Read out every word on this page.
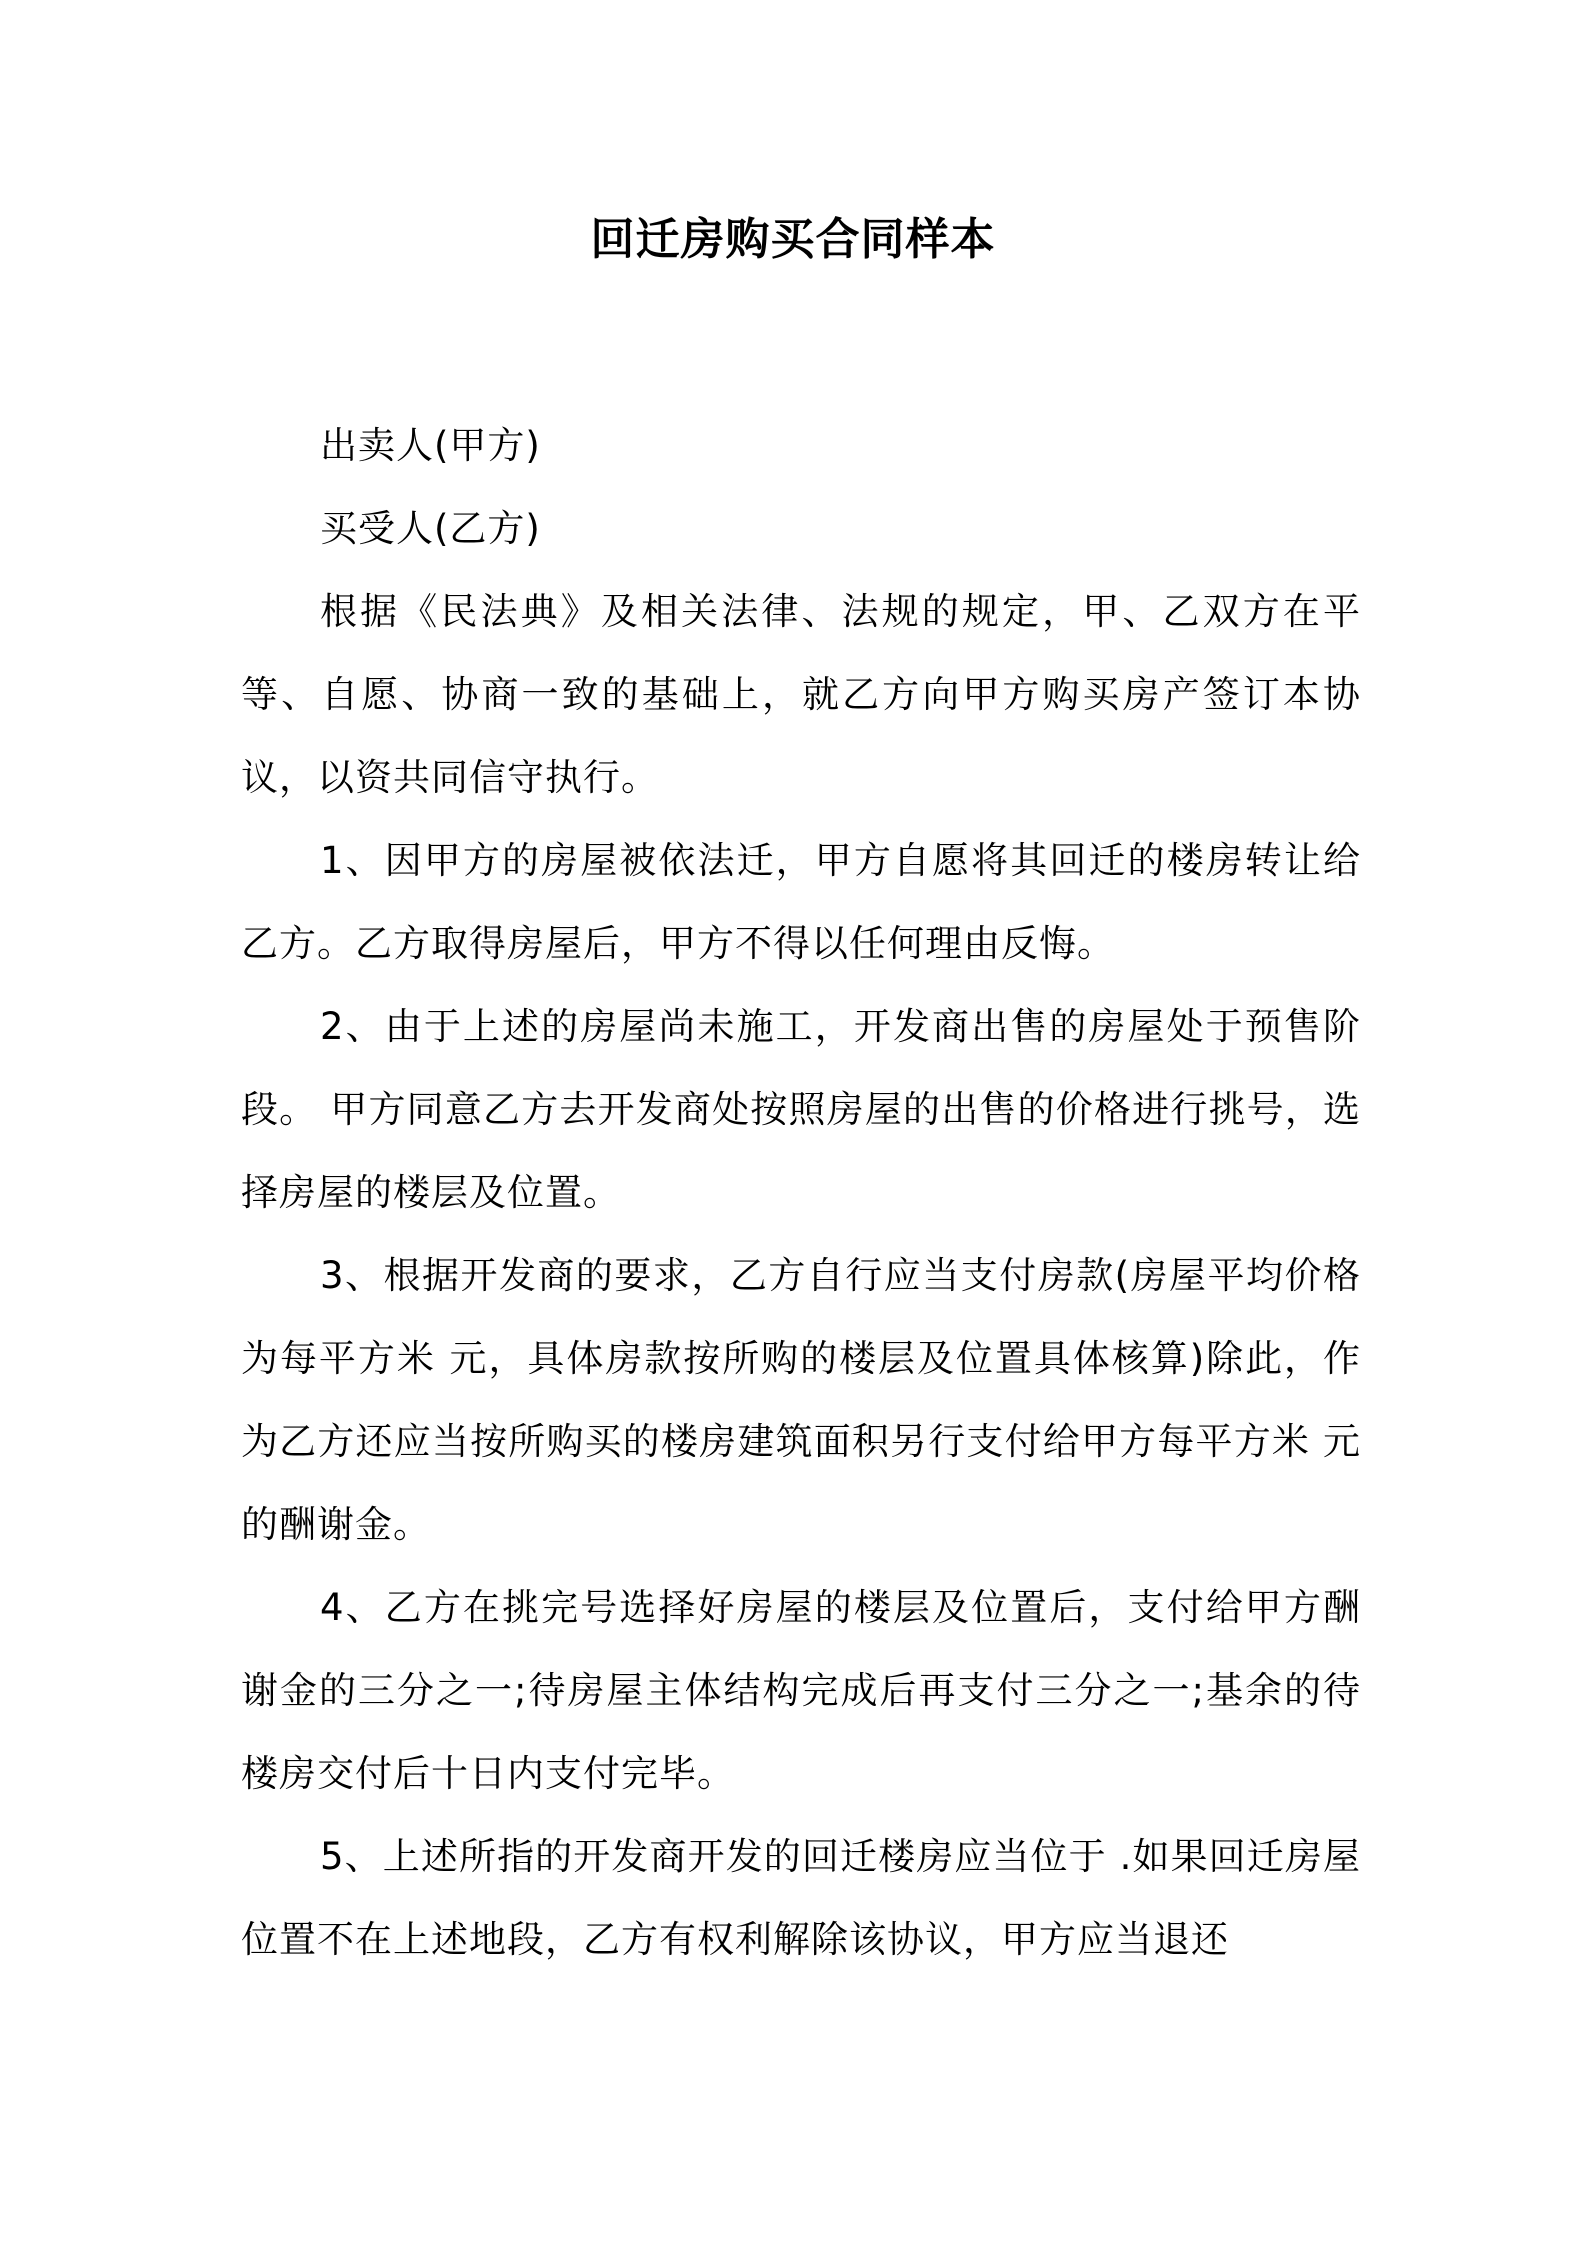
回迁房购买合同样本

出卖人(甲方)

买受人(乙方)

根据《民法典》及相关法律、法规的规定，甲、乙双方在平等、自愿、协商一致的基础上，就乙方向甲方购买房产签订本协议，以资共同信守执行。

1、因甲方的房屋被依法迁，甲方自愿将其回迁的楼房转让给乙方。乙方取得房屋后，甲方不得以任何理由反悔。

2、由于上述的房屋尚未施工，开发商出售的房屋处于预售阶段。 甲方同意乙方去开发商处按照房屋的出售的价格进行挑号，选择房屋的楼层及位置。

3、根据开发商的要求，乙方自行应当支付房款(房屋平均价格为每平方米 元，具体房款按所购的楼层及位置具体核算)除此，作为乙方还应当按所购买的楼房建筑面积另行支付给甲方每平方米 元的酬谢金。

4、乙方在挑完号选择好房屋的楼层及位置后，支付给甲方酬谢金的三分之一;待房屋主体结构完成后再支付三分之一;基余的待楼房交付后十日内支付完毕。

5、上述所指的开发商开发的回迁楼房应当位于 .如果回迁房屋位置不在上述地段，乙方有权利解除该协议，甲方应当退还
